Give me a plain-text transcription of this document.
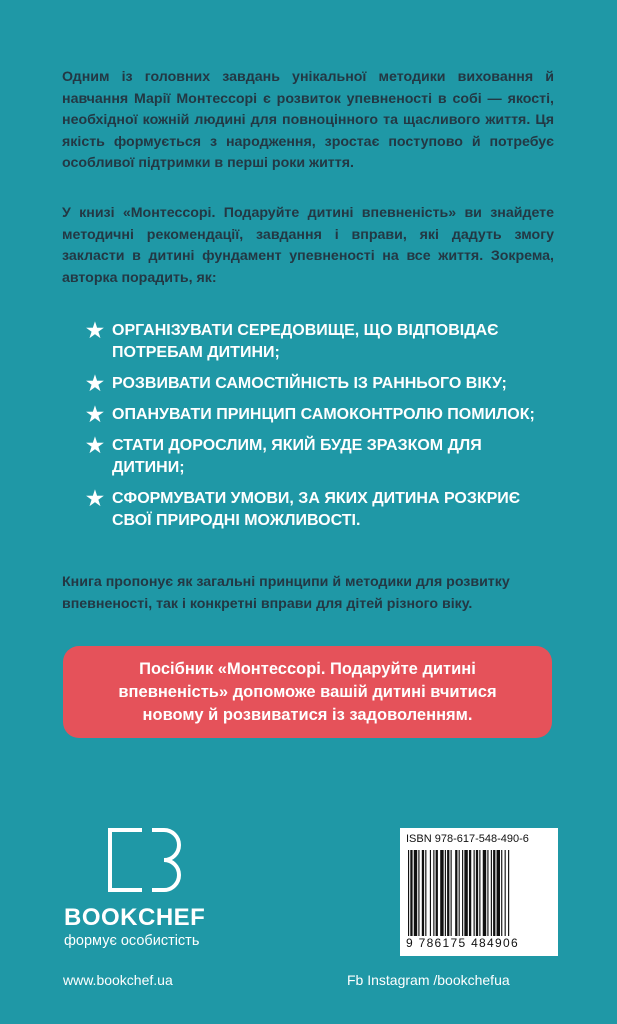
Одним із головних завдань унікальної методики виховання й навчання Марії Монтессорі є розвиток упевненості в собі — якості, необхідної кожній людині для повноцінного та щасливого життя. Ця якість формується з народження, зростає поступово й потребує особливої підтримки в перші роки життя.

У книзі «Монтессорі. Подаруйте дитині впевненість» ви знайдете методичні рекомендації, завдання і вправи, які дадуть змогу закласти в дитині фундамент упевненості на все життя. Зокрема, авторка порадить, як:

★ ОРГАНІЗУВАТИ СЕРЕДОВИЩЕ, ЩО ВІДПОВІДАЄ ПОТРЕБАМ ДИТИНИ;
★ РОЗВИВАТИ САМОСТІЙНІСТЬ ІЗ РАННЬОГО ВІКУ;
★ ОПАНУВАТИ ПРИНЦИП САМОКОНТРОЛЮ ПОМИЛОК;
★ СТАТИ ДОРОСЛИМ, ЯКИЙ БУДЕ ЗРАЗКОМ ДЛЯ ДИТИНИ;
★ СФОРМУВАТИ УМОВИ, ЗА ЯКИХ ДИТИНА РОЗКРИЄ СВОЇ ПРИРОДНІ МОЖЛИВОСТІ.

Книга пропонує як загальні принципи й методики для розвитку впевненості, так і конкретні вправи для дітей різного віку.

Посібник «Монтессорі. Подаруйте дитині впевненість» допоможе вашій дитині вчитися новому й розвиватися із задоволенням.
BOOKCHEF
формує особистість
ISBN 978-617-548-490-6
9 786175 484906
www.bookchef.ua	Fb Instagram /bookchefua
